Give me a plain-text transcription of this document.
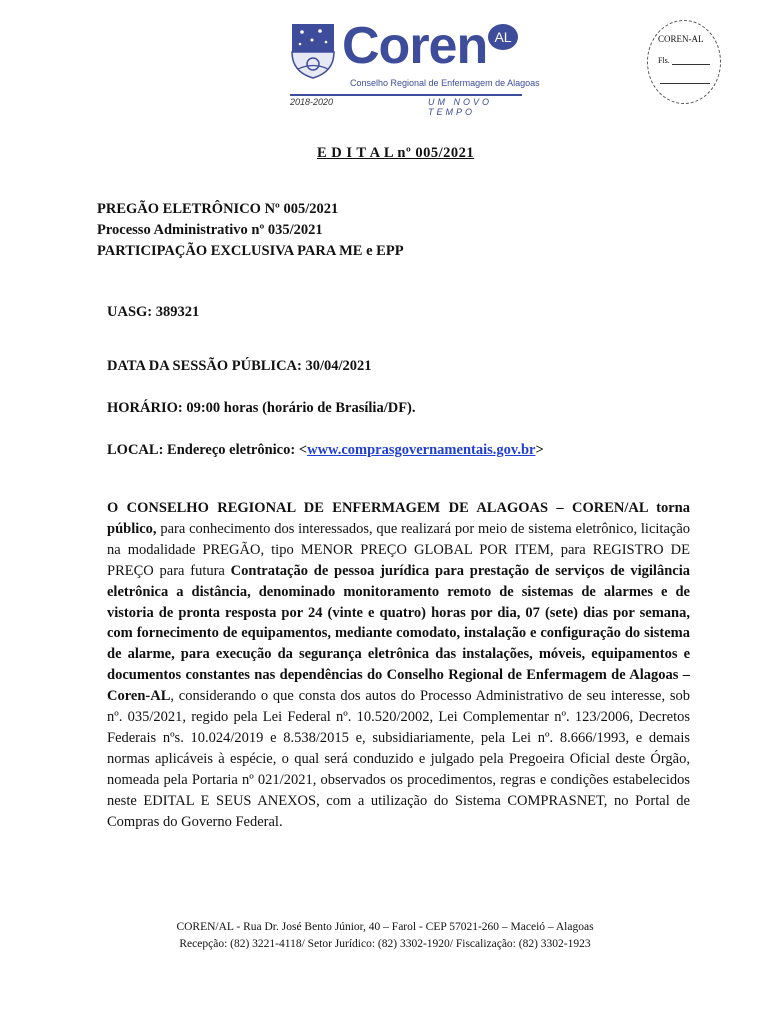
Coren AL
Conselho Regional de Enfermagem de Alagoas
2018-2020	UM NOVO TEMPO
COREN-AL
Fls.
E D I T A L nº 005/2021
PREGÃO ELETRÔNICO Nº 005/2021
Processo Administrativo nº 035/2021
PARTICIPAÇÃO EXCLUSIVA PARA ME e EPP
UASG: 389321
DATA DA SESSÃO PÚBLICA: 30/04/2021
HORÁRIO: 09:00 horas (horário de Brasília/DF).
LOCAL: Endereço eletrônico: <www.comprasgovernamentais.gov.br>
O CONSELHO REGIONAL DE ENFERMAGEM DE ALAGOAS – COREN/AL torna público, para conhecimento dos interessados, que realizará por meio de sistema eletrônico, licitação na modalidade PREGÃO, tipo MENOR PREÇO GLOBAL POR ITEM, para REGISTRO DE PREÇO para futura Contratação de pessoa jurídica para prestação de serviços de vigilância eletrônica a distância, denominado monitoramento remoto de sistemas de alarmes e de vistoria de pronta resposta por 24 (vinte e quatro) horas por dia, 07 (sete) dias por semana, com fornecimento de equipamentos, mediante comodato, instalação e configuração do sistema de alarme, para execução da segurança eletrônica das instalações, móveis, equipamentos e documentos constantes nas dependências do Conselho Regional de Enfermagem de Alagoas – Coren-AL, considerando o que consta dos autos do Processo Administrativo de seu interesse, sob nº. 035/2021, regido pela Lei Federal nº. 10.520/2002, Lei Complementar nº. 123/2006, Decretos Federais nºs. 10.024/2019 e 8.538/2015 e, subsidiariamente, pela Lei nº. 8.666/1993, e demais normas aplicáveis à espécie, o qual será conduzido e julgado pela Pregoeira Oficial deste Órgão, nomeada pela Portaria nº 021/2021, observados os procedimentos, regras e condições estabelecidos neste EDITAL E SEUS ANEXOS, com a utilização do Sistema COMPRASNET, no Portal de Compras do Governo Federal.
COREN/AL - Rua Dr. José Bento Júnior, 40 – Farol - CEP 57021-260 – Maceió – Alagoas
Recepção: (82) 3221-4118/ Setor Jurídico: (82) 3302-1920/ Fiscalização: (82) 3302-1923
